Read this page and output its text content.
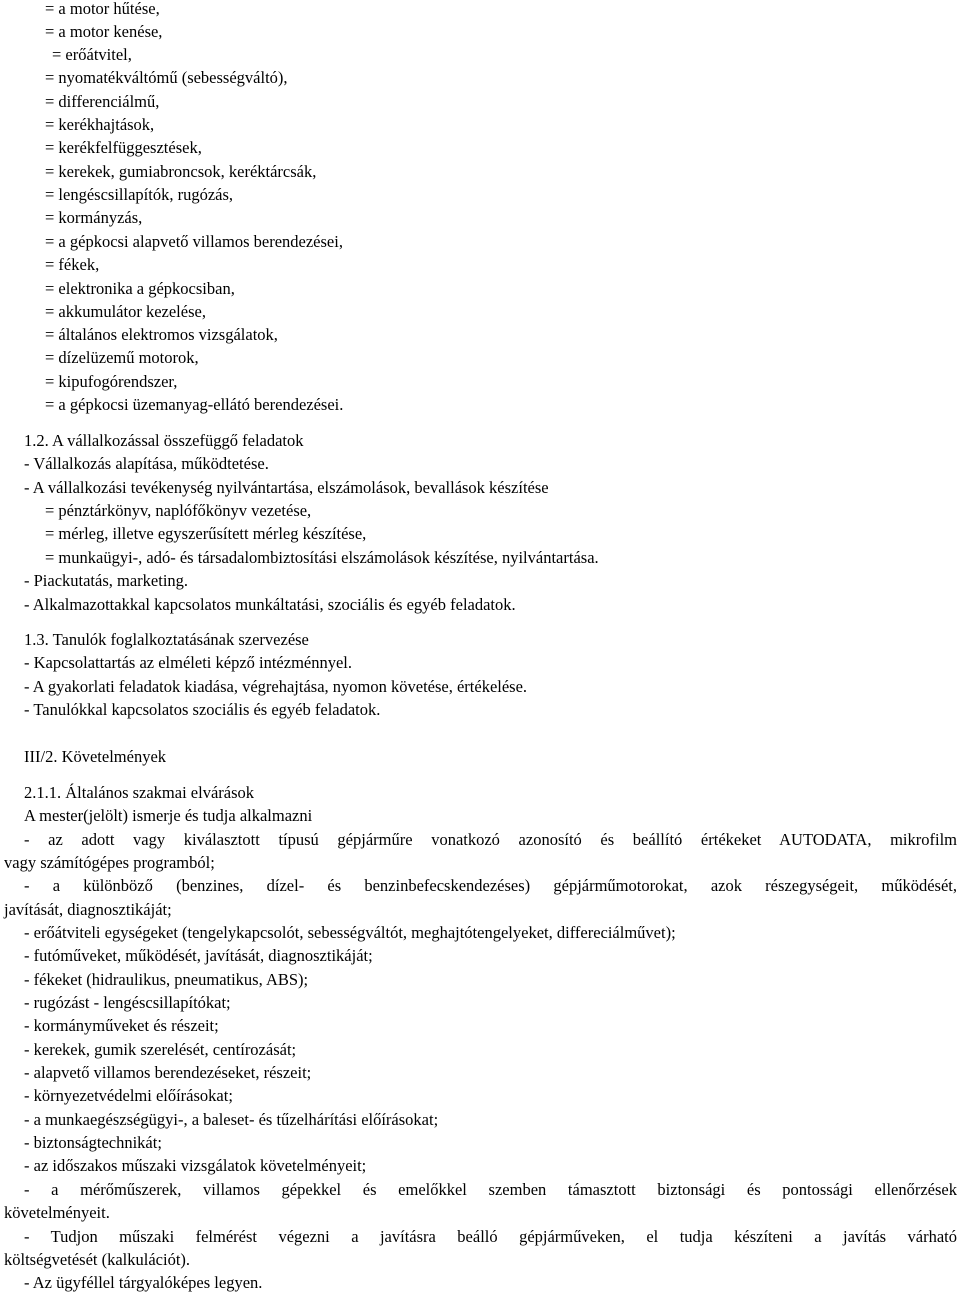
= a motor hűtése,

= a motor kenése,

= erőátvitel,

= nyomatékváltómű (sebességváltó),

= differenciálmű,

= kerékhajtások,

= kerékfelfüggesztések,

= kerekek, gumiabroncsok, keréktárcsák,

= lengéscsillapítók, rugózás,

= kormányzás,

= a gépkocsi alapvető villamos berendezései,

= fékek,

= elektronika a gépkocsiban,

= akkumulátor kezelése,

= általános elektromos vizsgálatok,

= dízelüzemű motorok,

= kipufogórendszer,

= a gépkocsi üzemanyag-ellátó berendezései.

1.2. A vállalkozással összefüggő feladatok

- Vállalkozás alapítása, működtetése.

- A vállalkozási tevékenység nyilvántartása, elszámolások, bevallások készítése

= pénztárkönyv, naplófőkönyv vezetése,

= mérleg, illetve egyszerűsített mérleg készítése,

= munkaügyi-, adó- és társadalombiztosítási elszámolások készítése, nyilvántartása.

- Piackutatás, marketing.

- Alkalmazottakkal kapcsolatos munkáltatási, szociális és egyéb feladatok.

1.3. Tanulók foglalkoztatásának szervezése

- Kapcsolattartás az elméleti képző intézménnyel.

- A gyakorlati feladatok kiadása, végrehajtása, nyomon követése, értékelése.

- Tanulókkal kapcsolatos szociális és egyéb feladatok.

III/2. Követelmények

2.1.1. Általános szakmai elvárások

A mester(jelölt) ismerje és tudja alkalmazni

- az adott vagy kiválasztott típusú gépjárműre vonatkozó azonosító és beállító értékeket AUTODATA, mikrofilm

vagy számítógépes programból;

- a különböző (benzines, dízel- és benzinbefecskendezéses) gépjárműmotorokat, azok részegységeit, működését,

javítását, diagnosztikáját;

- erőátviteli egységeket (tengelykapcsolót, sebességváltót, meghajtótengelyeket, differeciálművet);

- futóműveket, működését, javítását, diagnosztikáját;

- fékeket (hidraulikus, pneumatikus, ABS);

- rugózást - lengéscsillapítókat;

- kormányműveket és részeit;

- kerekek, gumik szerelését, centírozását;

- alapvető villamos berendezéseket, részeit;

- környezetvédelmi előírásokat;

- a munkaegészségügyi-, a baleset- és tűzelhárítási előírásokat;

- biztonságtechnikát;

- az időszakos műszaki vizsgálatok követelményeit;

- a mérőműszerek, villamos gépekkel és emelőkkel szemben támasztott biztonsági és pontossági ellenőrzések

követelményeit.

- Tudjon műszaki felmérést végezni a javításra beálló gépjárműveken, el tudja készíteni a javítás várható

költségvetését (kalkulációt).

- Az ügyféllel tárgyalóképes legyen.
